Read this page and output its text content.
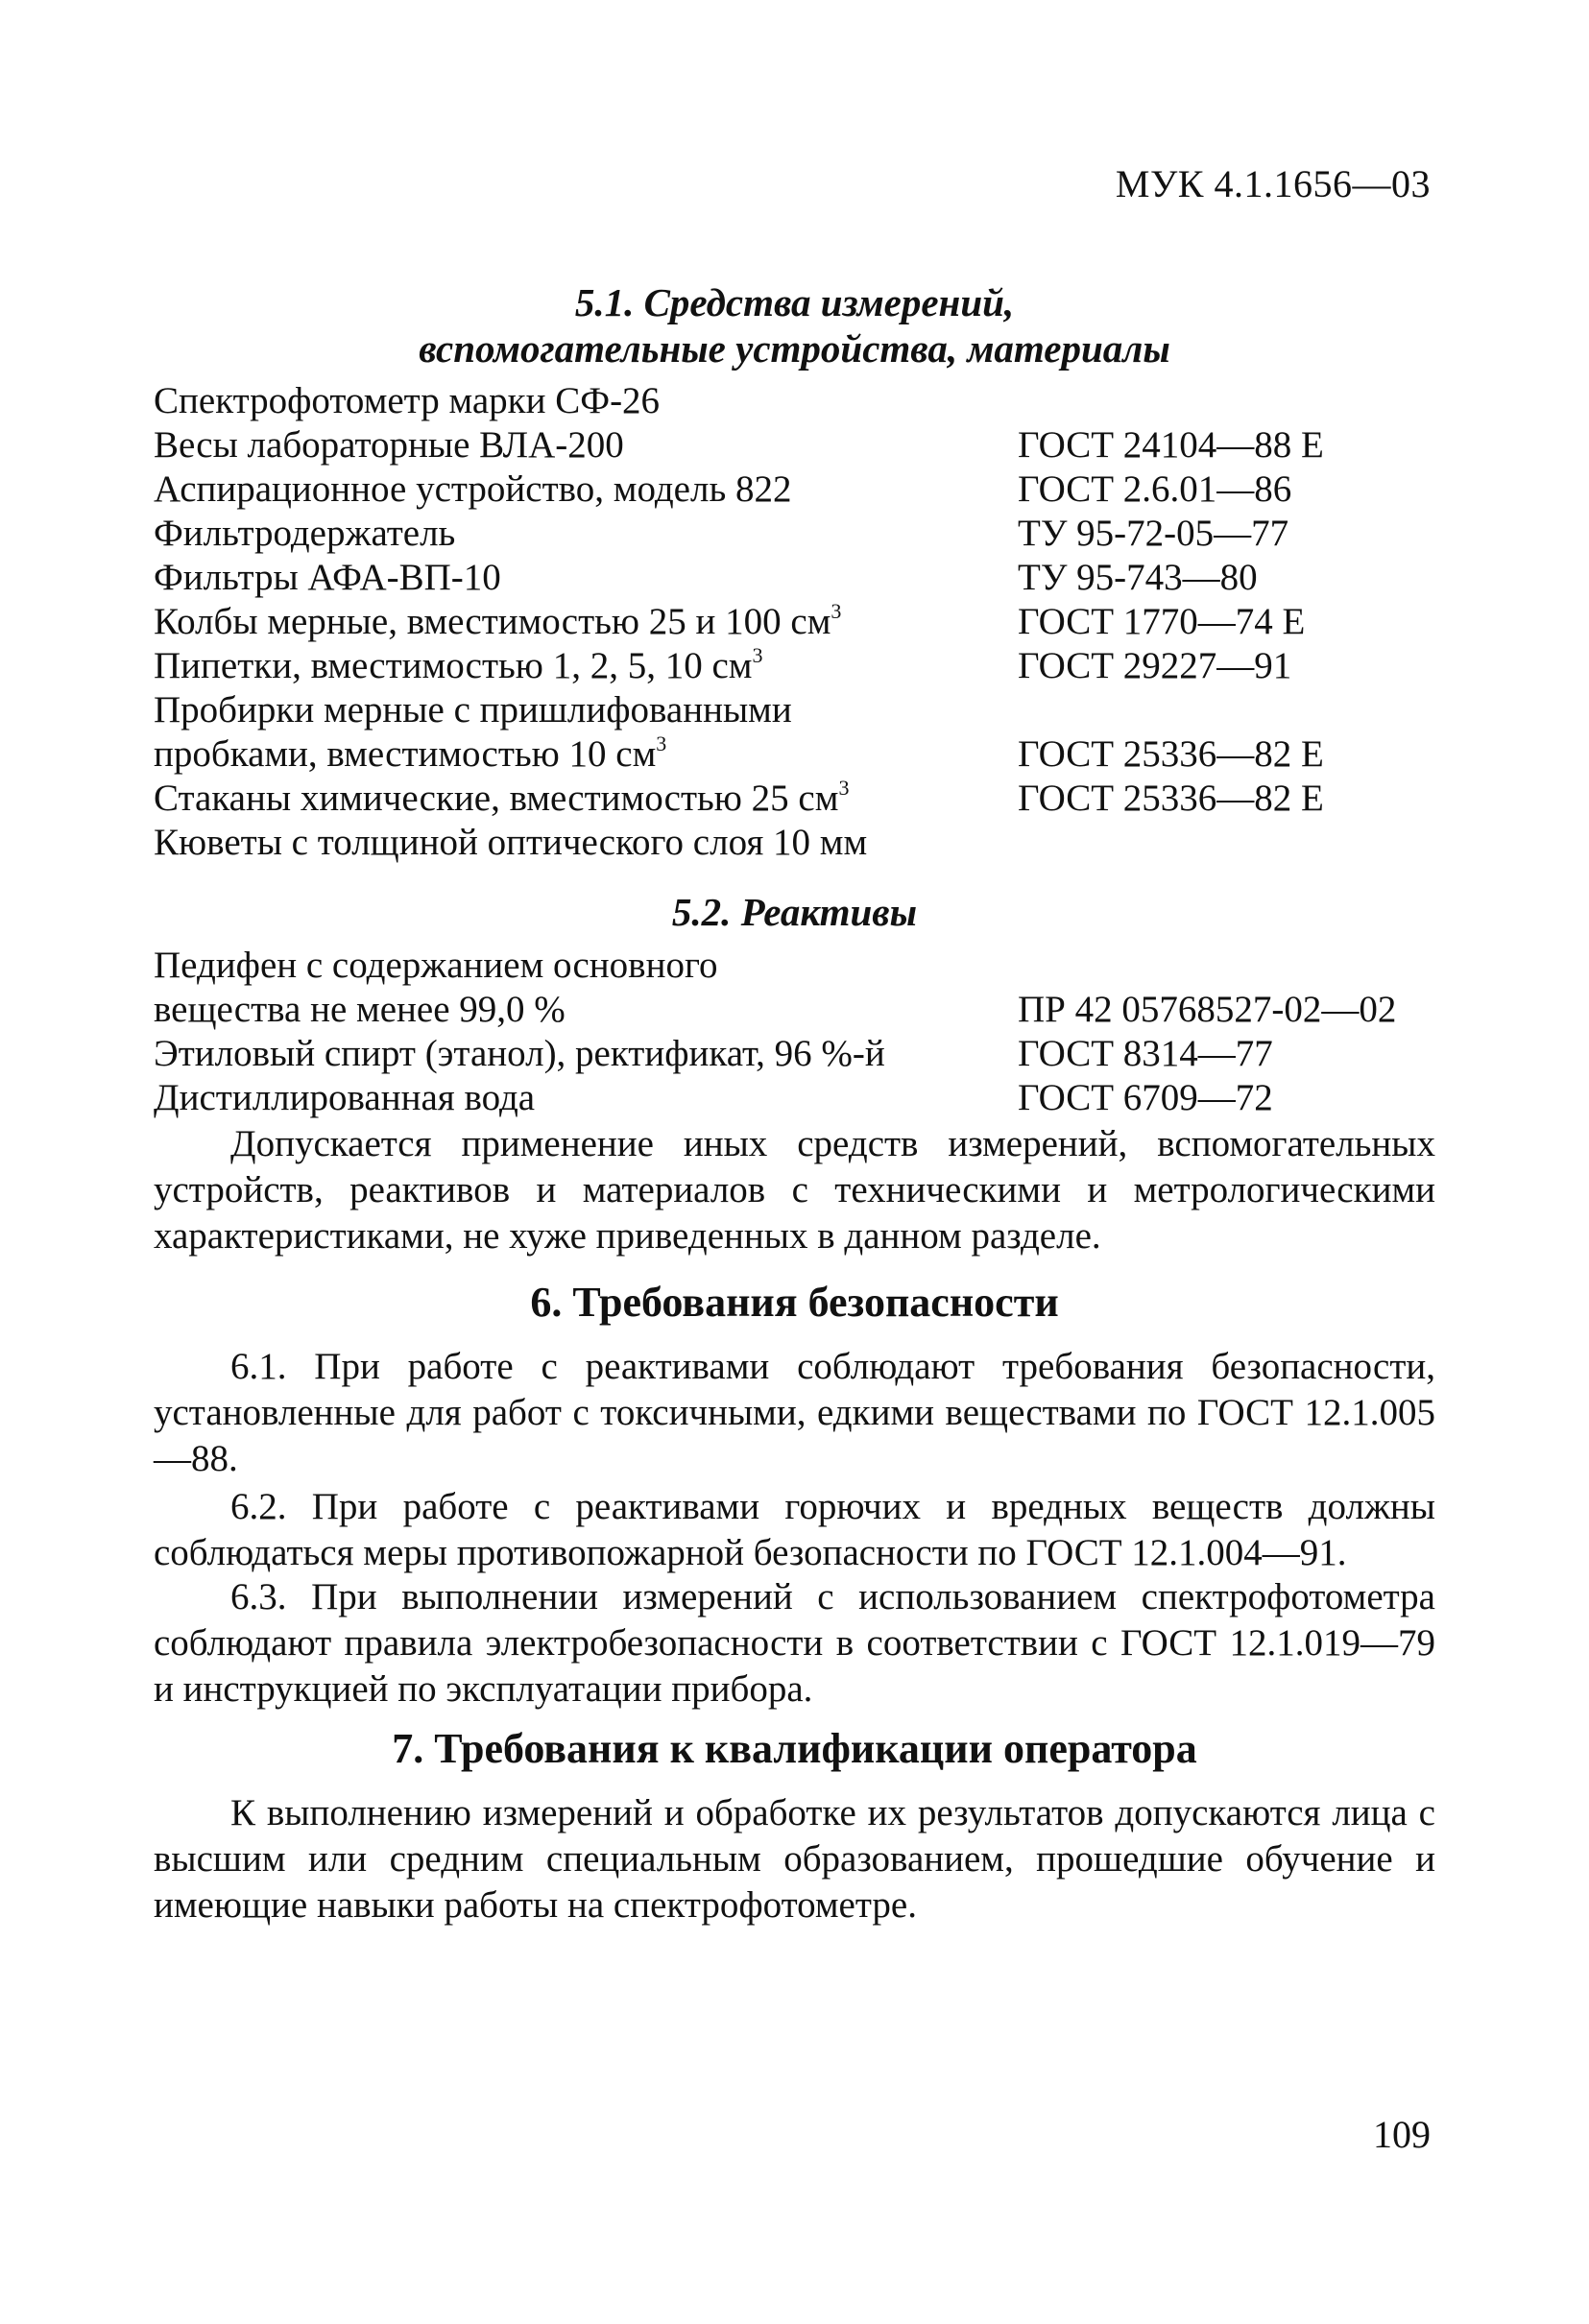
МУК 4.1.1656—03
5.1. Средства измерений,
вспомогательные устройства, материалы
Спектрофотометр марки СФ-26
Весы лабораторные ВЛА-200	ГОСТ 24104—88 Е
Аспирационное устройство, модель 822	ГОСТ 2.6.01—86
Фильтродержатель	ТУ 95-72-05—77
Фильтры АФА-ВП-10	ТУ 95-743—80
Колбы мерные, вместимостью 25 и 100 $см^3$	ГОСТ 1770—74 Е
Пипетки, вместимостью 1, 2, 5, 10 $см^3$	ГОСТ 29227—91
Пробирки мерные с пришлифованными
пробками, вместимостью 10 $см^3$	ГОСТ 25336—82 Е
Стаканы химические, вместимостью 25 $см^3$	ГОСТ 25336—82 Е
Кюветы с толщиной оптического слоя 10 мм
5.2. Реактивы
Педифен с содержанием основного
вещества не менее 99,0 %	ПР 42 05768527-02—02
Этиловый спирт (этанол), ректификат, 96 %-й	ГОСТ 8314—77
Дистиллированная вода	ГОСТ 6709—72
Допускается применение иных средств измерений, вспомогательных устройств, реактивов и материалов с техническими и метрологическими характеристиками, не хуже приведенных в данном разделе.
6. Требования безопасности
6.1. При работе с реактивами соблюдают требования безопасности, установленные для работ с токсичными, едкими веществами по ГОСТ 12.1.005—88.
6.2. При работе с реактивами горючих и вредных веществ должны соблюдаться меры противопожарной безопасности по ГОСТ 12.1.004—91.
6.3. При выполнении измерений с использованием спектрофотометра соблюдают правила электробезопасности в соответствии с ГОСТ 12.1.019—79 и инструкцией по эксплуатации прибора.
7. Требования к квалификации оператора
К выполнению измерений и обработке их результатов допускаются лица с высшим или средним специальным образованием, прошедшие обучение и имеющие навыки работы на спектрофотометре.
109
